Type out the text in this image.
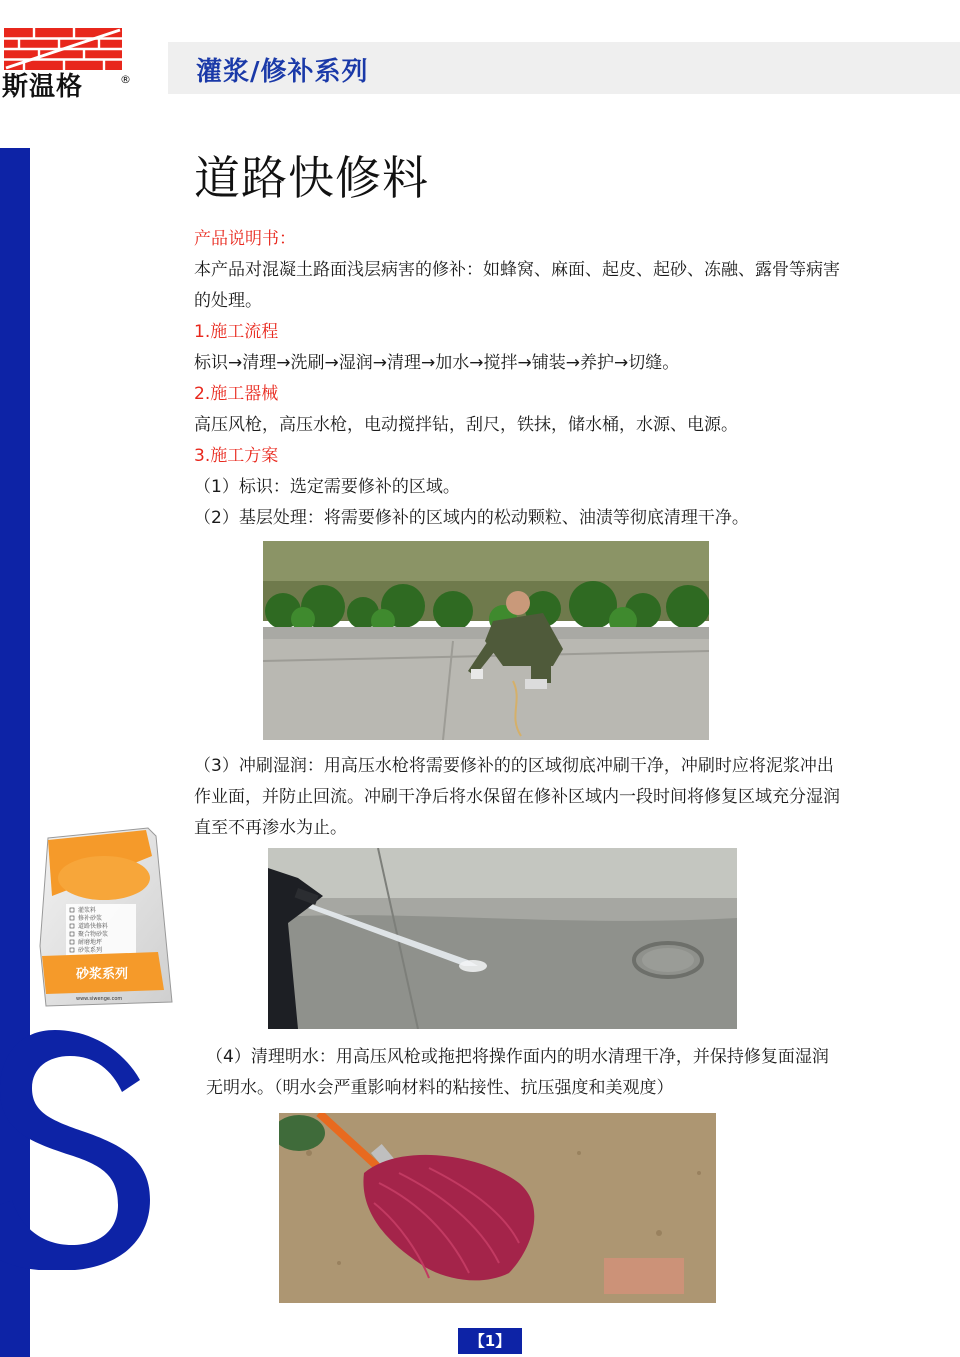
斯温格	®	灌浆/修补系列
灌浆料
修补砂浆
道路快修料
聚合物砂浆
耐磨地坪
砂浆系列
砂浆系列
www.siwenge.com
道路快修料
产品说明书：
本产品对混凝土路面浅层病害的修补：如蜂窝、麻面、起皮、起砂、冻融、露骨等病害
的处理。
1.施工流程
标识→清理→洗刷→湿润→清理→加水→搅拌→铺装→养护→切缝。
2.施工器械
高压风枪，高压水枪，电动搅拌钻，刮尺，铁抹，储水桶，水源、电源。
3.施工方案
（1）标识：选定需要修补的区域。
（2）基层处理：将需要修补的区域内的松动颗粒、油渍等彻底清理干净。
（3）冲刷湿润：用高压水枪将需要修补的的区域彻底冲刷干净，冲刷时应将泥浆冲出
作业面，并防止回流。冲刷干净后将水保留在修补区域内一段时间将修复区域充分湿润
直至不再渗水为止。
（4）清理明水：用高压风枪或拖把将操作面内的明水清理干净，并保持修复面湿润
无明水。（明水会严重影响材料的粘接性、抗压强度和美观度）
【1】
